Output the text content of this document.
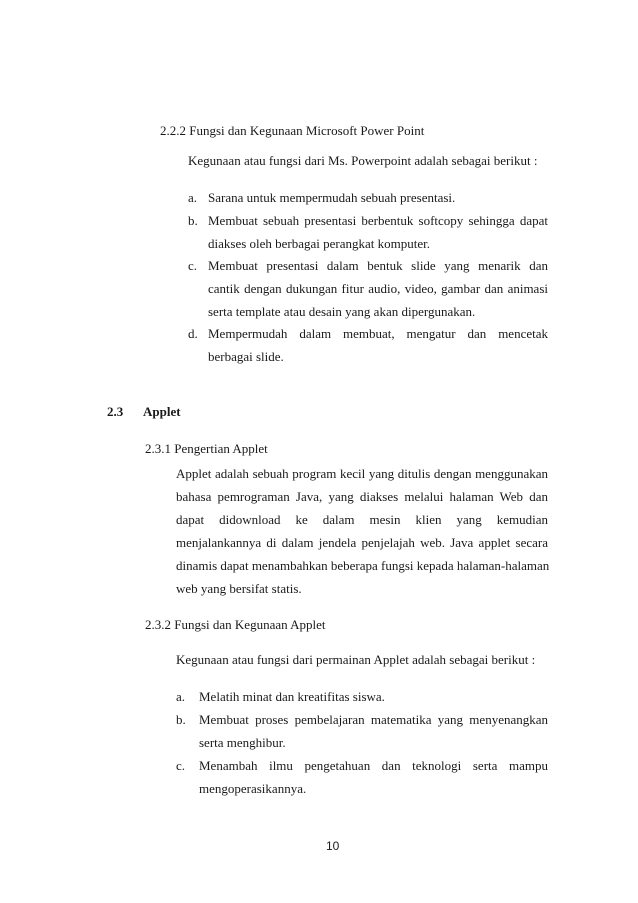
2.2.2 Fungsi dan Kegunaan Microsoft Power Point
Kegunaan atau fungsi dari Ms. Powerpoint adalah sebagai berikut :
a. Sarana untuk mempermudah sebuah presentasi.
b. Membuat sebuah presentasi berbentuk softcopy sehingga dapat
diakses oleh berbagai perangkat komputer.
c. Membuat presentasi dalam bentuk slide yang menarik dan
cantik dengan dukungan fitur audio, video, gambar dan animasi
serta template atau desain yang akan dipergunakan.
d. Mempermudah dalam membuat, mengatur dan mencetak
berbagai slide.
2.3 Applet
2.3.1 Pengertian Applet
Applet adalah sebuah program kecil yang ditulis dengan menggunakan
bahasa pemrograman Java, yang diakses melalui halaman Web dan
dapat didownload ke dalam mesin klien yang kemudian
menjalankannya di dalam jendela penjelajah web. Java applet secara
dinamis dapat menambahkan beberapa fungsi kepada halaman-halaman
web yang bersifat statis.
2.3.2 Fungsi dan Kegunaan Applet
Kegunaan atau fungsi dari permainan Applet adalah sebagai berikut :
a. Melatih minat dan kreatifitas siswa.
b. Membuat proses pembelajaran matematika yang menyenangkan
serta menghibur.
c. Menambah ilmu pengetahuan dan teknologi serta mampu
mengoperasikannya.
10
